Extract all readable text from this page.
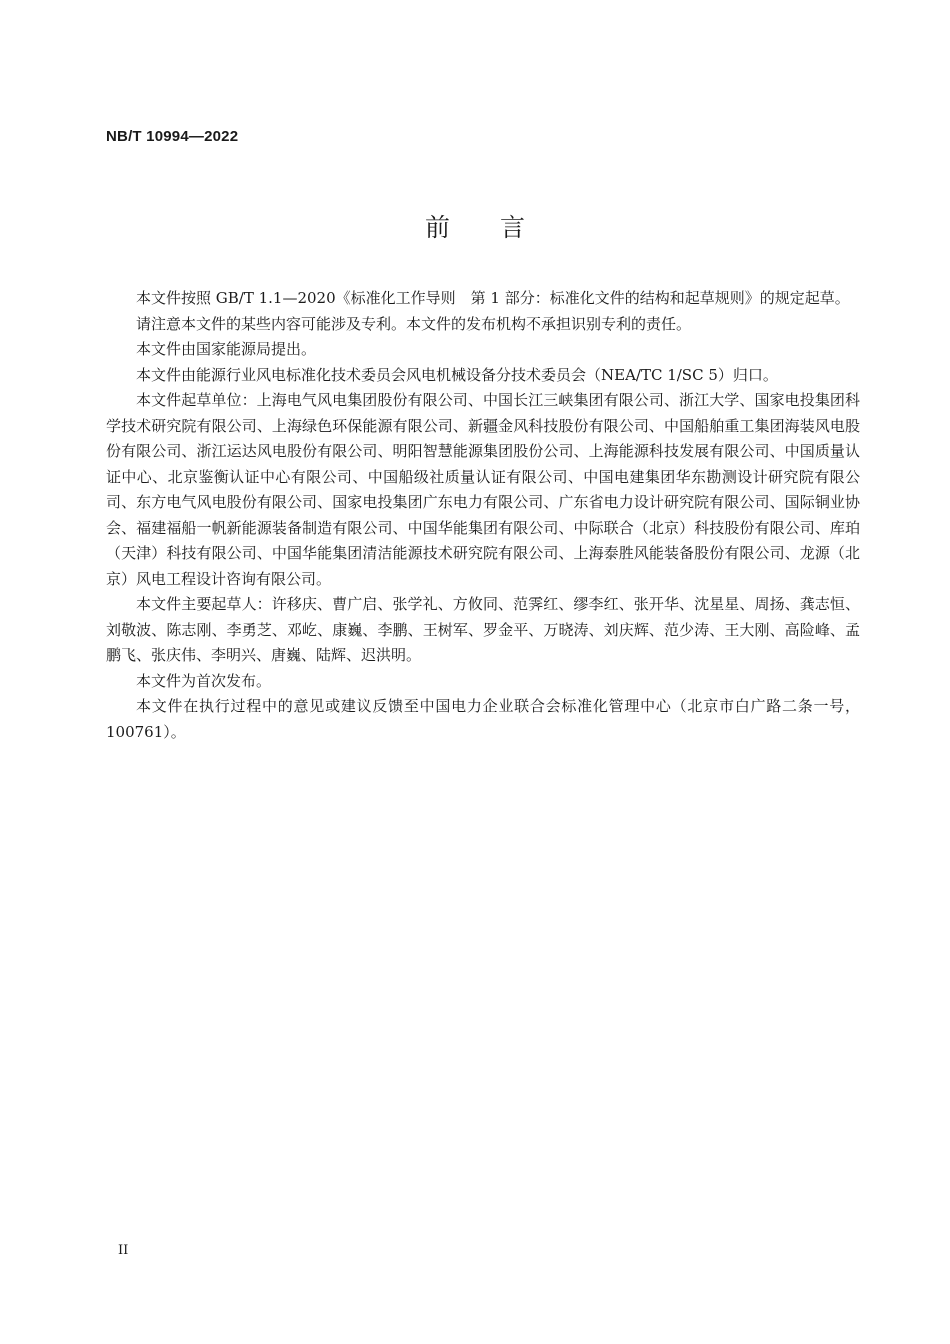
NB/T 10994—2022
前言

本文件按照 GB/T 1.1—2020《标准化工作导则　第 1 部分：标准化文件的结构和起草规则》的规定起草。

请注意本文件的某些内容可能涉及专利。本文件的发布机构不承担识别专利的责任。

本文件由国家能源局提出。

本文件由能源行业风电标准化技术委员会风电机械设备分技术委员会（NEA/TC 1/SC 5）归口。

本文件起草单位：上海电气风电集团股份有限公司、中国长江三峡集团有限公司、浙江大学、国家电投集团科学技术研究院有限公司、上海绿色环保能源有限公司、新疆金风科技股份有限公司、中国船舶重工集团海装风电股份有限公司、浙江运达风电股份有限公司、明阳智慧能源集团股份公司、上海能源科技发展有限公司、中国质量认证中心、北京鉴衡认证中心有限公司、中国船级社质量认证有限公司、中国电建集团华东勘测设计研究院有限公司、东方电气风电股份有限公司、国家电投集团广东电力有限公司、广东省电力设计研究院有限公司、国际铜业协会、福建福船一帆新能源装备制造有限公司、中国华能集团有限公司、中际联合（北京）科技股份有限公司、库珀（天津）科技有限公司、中国华能集团清洁能源技术研究院有限公司、上海泰胜风能装备股份有限公司、龙源（北京）风电工程设计咨询有限公司。

本文件主要起草人：许移庆、曹广启、张学礼、方攸同、范霁红、缪李红、张开华、沈星星、周扬、龚志恒、刘敬波、陈志刚、李勇芝、邓屹、康巍、李鹏、王树军、罗金平、万晓涛、刘庆辉、范少涛、王大刚、高险峰、孟鹏飞、张庆伟、李明兴、唐巍、陆辉、迟洪明。

本文件为首次发布。

本文件在执行过程中的意见或建议反馈至中国电力企业联合会标准化管理中心（北京市白广路二条一号，100761）。

II
